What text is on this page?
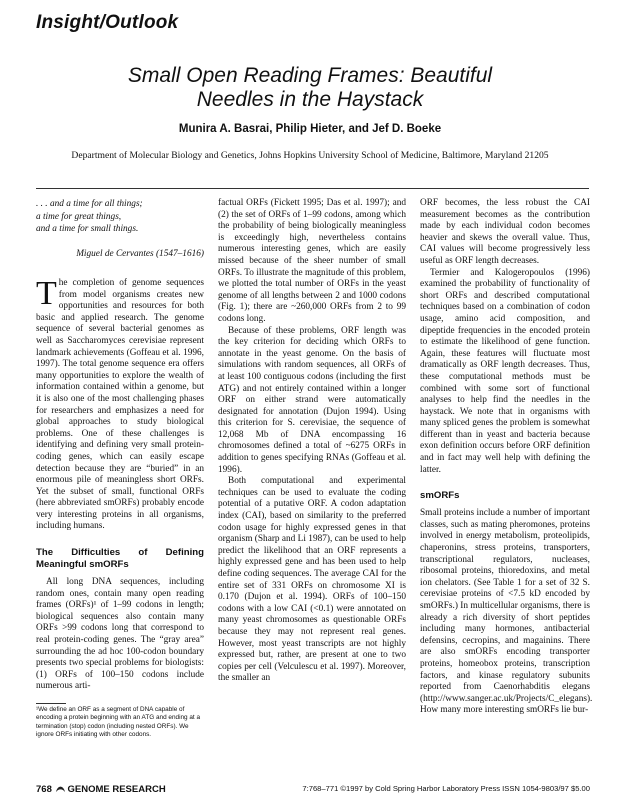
Insight/Outlook
Small Open Reading Frames: Beautiful
Needles in the Haystack
Munira A. Basrai, Philip Hieter, and Jef D. Boeke
Department of Molecular Biology and Genetics, Johns Hopkins University School of Medicine, Baltimore, Maryland 21205
. . . and a time for all things;
a time for great things,
and a time for small things.
Miguel de Cervantes (1547–1616)

The completion of genome sequences from model organisms creates new opportunities and resources for both basic and applied research. The genome sequence of several bacterial genomes as well as Saccharomyces cerevisiae represent landmark achievements (Goffeau et al. 1996, 1997). The total genome sequence era offers many opportunities to explore the wealth of information contained within a genome, but it is also one of the most challenging phases for researchers and emphasizes a need for global approaches to study biological problems. One of these challenges is identifying and defining very small protein-coding genes, which can easily escape detection because they are “buried” in an enormous pile of meaningless short ORFs. Yet the subset of small, functional ORFs (here abbreviated smORFs) probably encode very interesting proteins in all organisms, including humans.

The Difficulties of Defining Meaningful smORFs

All long DNA sequences, including random ones, contain many open reading frames (ORFs)¹ of 1–99 codons in length; biological sequences also contain many ORFs >99 codons long that correspond to real protein-coding genes. The “gray area” surrounding the ad hoc 100-codon boundary presents two special problems for biologists: (1) ORFs of 100–150 codons include numerous arti-

¹We define an ORF as a segment of DNA capable of encoding a protein beginning with an ATG and ending at a termination (stop) codon (including nested ORFs). We ignore ORFs initiating with other codons.

factual ORFs (Fickett 1995; Das et al. 1997); and (2) the set of ORFs of 1–99 codons, among which the probability of being biologically meaningless is exceedingly high, nevertheless contains numerous interesting genes, which are easily missed because of the sheer number of small ORFs. To illustrate the magnitude of this problem, we plotted the total number of ORFs in the yeast genome of all lengths between 2 and 1000 codons (Fig. 1); there are ~260,000 ORFs from 2 to 99 codons long.

Because of these problems, ORF length was the key criterion for deciding which ORFs to annotate in the yeast genome. On the basis of simulations with random sequences, all ORFs of at least 100 contiguous codons (including the first ATG) and not entirely contained within a longer ORF on either strand were automatically designated for annotation (Dujon 1994). Using this criterion for S. cerevisiae, the sequence of 12,068 Mb of DNA encompassing 16 chromosomes defined a total of ~6275 ORFs in addition to genes specifying RNAs (Goffeau et al. 1996).

Both computational and experimental techniques can be used to evaluate the coding potential of a putative ORF. A codon adaptation index (CAI), based on similarity to the preferred codon usage for highly expressed genes in that organism (Sharp and Li 1987), can be used to help predict the likelihood that an ORF represents a highly expressed gene and has been used to help define coding sequences. The average CAI for the entire set of 331 ORFs on chromosome XI is 0.170 (Dujon et al. 1994). ORFs of 100–150 codons with a low CAI (<0.1) were annotated on many yeast chromosomes as questionable ORFs because they may not represent real genes. However, most yeast transcripts are not highly expressed but, rather, are present at one to two copies per cell (Velculescu et al. 1997). Moreover, the smaller an

ORF becomes, the less robust the CAI measurement becomes as the contribution made by each individual codon becomes heavier and skews the overall value. Thus, CAI values will become progressively less useful as ORF length decreases.

Termier and Kalogeropoulos (1996) examined the probability of functionality of short ORFs and described computational techniques based on a combination of codon usage, amino acid composition, and dipeptide frequencies in the encoded protein to estimate the likelihood of gene function. Again, these features will fluctuate most dramatically as ORF length decreases. Thus, these computational methods must be combined with some sort of functional analyses to help find the needles in the haystack. We note that in organisms with many spliced genes the problem is somewhat different than in yeast and bacteria because exon definition occurs before ORF definition and in fact may well help with defining the latter.

smORFs

Small proteins include a number of important classes, such as mating pheromones, proteins involved in energy metabolism, proteolipids, chaperonins, stress proteins, transporters, transcriptional regulators, nucleases, ribosomal proteins, thioredoxins, and metal ion chelators. (See Table 1 for a set of 32 S. cerevisiae proteins of <7.5 kD encoded by smORFs.) In multicellular organisms, there is already a rich diversity of short peptides including many hormones, antibacterial defensins, cecropins, and magainins. There are also smORFs encoding transporter proteins, homeobox proteins, transcription factors, and kinase regulatory subunits reported from Caenorhabditis elegans (http://www.sanger.ac.uk/Projects/C_elegans). How many more interesting smORFs lie bur-

768 GENOME RESEARCH	7:768–771 ©1997 by Cold Spring Harbor Laboratory Press ISSN 1054-9803/97 $5.00
